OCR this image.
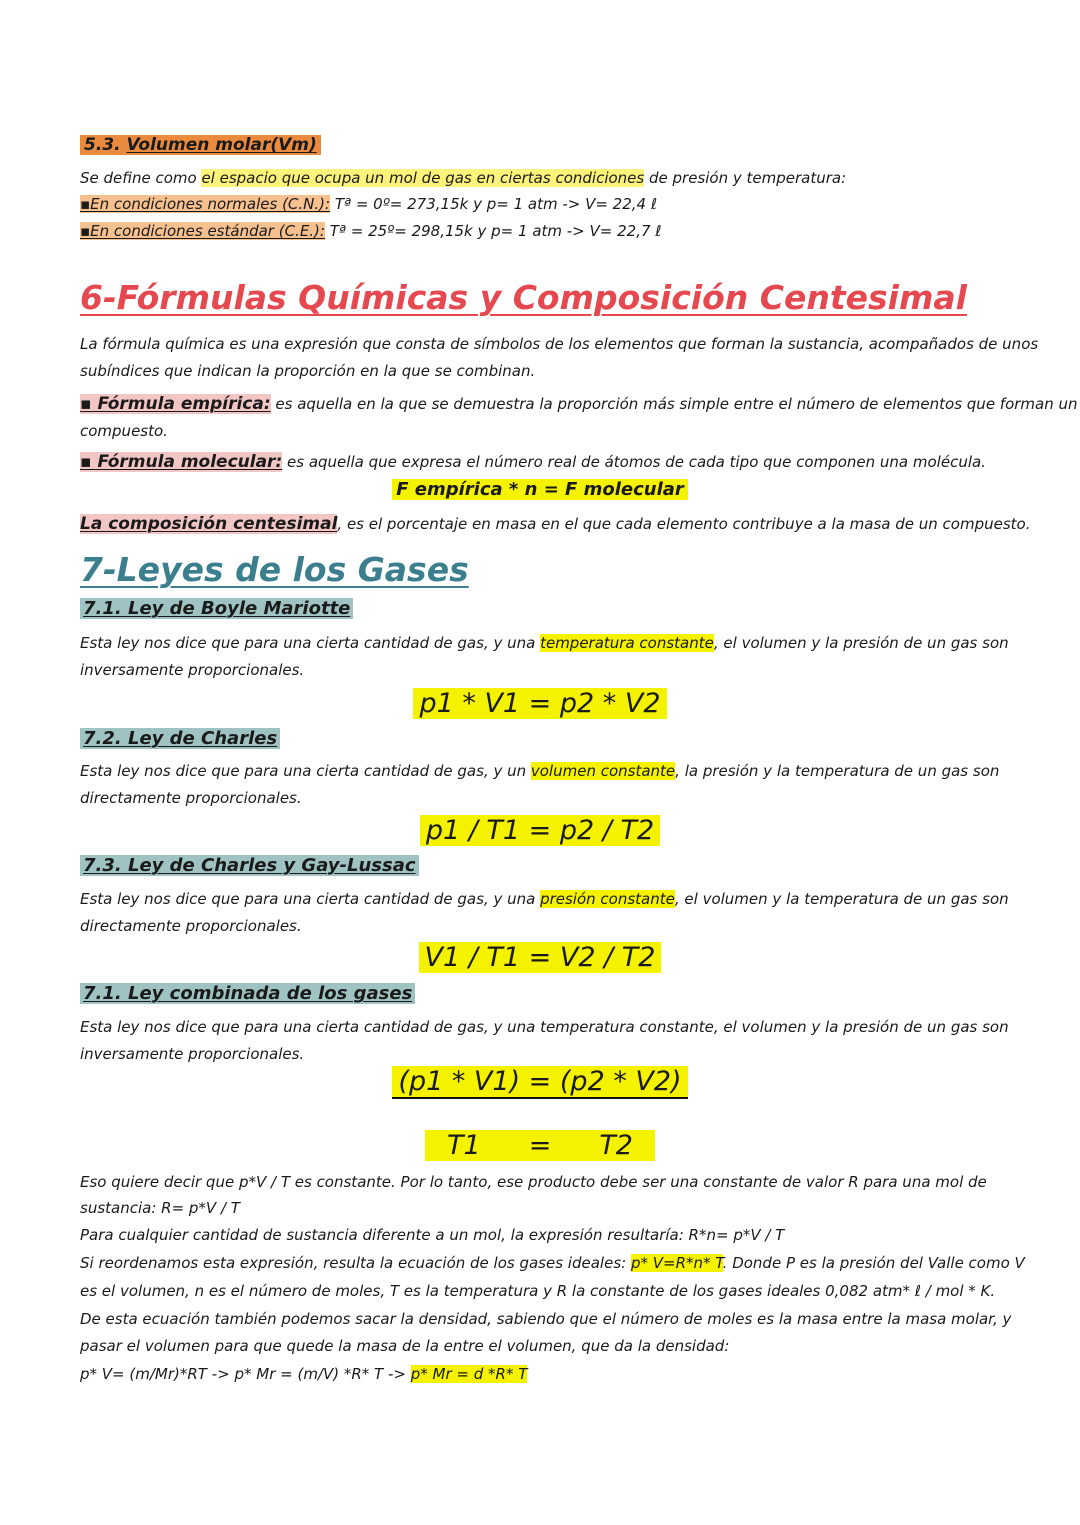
5.3. Volumen molar(Vm)
Se define como el espacio que ocupa un mol de gas en ciertas condiciones de presión y temperatura:
▪En condiciones normales (C.N.): Tª = 0º= 273,15k y p= 1 atm -> V= 22,4 ℓ
▪En condiciones estándar (C.E.): Tª = 25º= 298,15k y p= 1 atm -> V= 22,7 ℓ
6-Fórmulas Químicas y Composición Centesimal
La fórmula química es una expresión que consta de símbolos de los elementos que forman la sustancia, acompañados de unos
subíndices que indican la proporción en la que se combinan.
▪ Fórmula empírica: es aquella en la que se demuestra la proporción más simple entre el número de elementos que forman un
compuesto.
▪ Fórmula molecular: es aquella que expresa el número real de átomos de cada tipo que componen una molécula.
F empírica * n = F molecular
La composición centesimal, es el porcentaje en masa en el que cada elemento contribuye a la masa de un compuesto.
7-Leyes de los Gases
7.1. Ley de Boyle Mariotte
Esta ley nos dice que para una cierta cantidad de gas, y una temperatura constante, el volumen y la presión de un gas son
inversamente proporcionales.
p1 * V1 = p2 * V2
7.2. Ley de Charles
Esta ley nos dice que para una cierta cantidad de gas, y un volumen constante, la presión y la temperatura de un gas son
directamente proporcionales.
p1 / T1 = p2 / T2
7.3. Ley de Charles y Gay-Lussac
Esta ley nos dice que para una cierta cantidad de gas, y una presión constante, el volumen y la temperatura de un gas son
directamente proporcionales.
V1 / T1 = V2 / T2
7.1. Ley combinada de los gases
Esta ley nos dice que para una cierta cantidad de gas, y una temperatura constante, el volumen y la presión de un gas son
inversamente proporcionales.
(p1 * V1) = (p2 * V2)
T1 = T2
Eso quiere decir que p*V / T es constante. Por lo tanto, ese producto debe ser una constante de valor R para una mol de
sustancia: R= p*V / T
Para cualquier cantidad de sustancia diferente a un mol, la expresión resultaría: R*n= p*V / T
Si reordenamos esta expresión, resulta la ecuación de los gases ideales: p* V=R*n* T. Donde P es la presión del Valle como V
es el volumen, n es el número de moles, T es la temperatura y R la constante de los gases ideales 0,082 atm* ℓ / mol * K.
De esta ecuación también podemos sacar la densidad, sabiendo que el número de moles es la masa entre la masa molar, y
pasar el volumen para que quede la masa de la entre el volumen, que da la densidad:
p* V= (m/Mr)*RT -> p* Mr = (m/V) *R* T -> p* Mr = d *R* T
